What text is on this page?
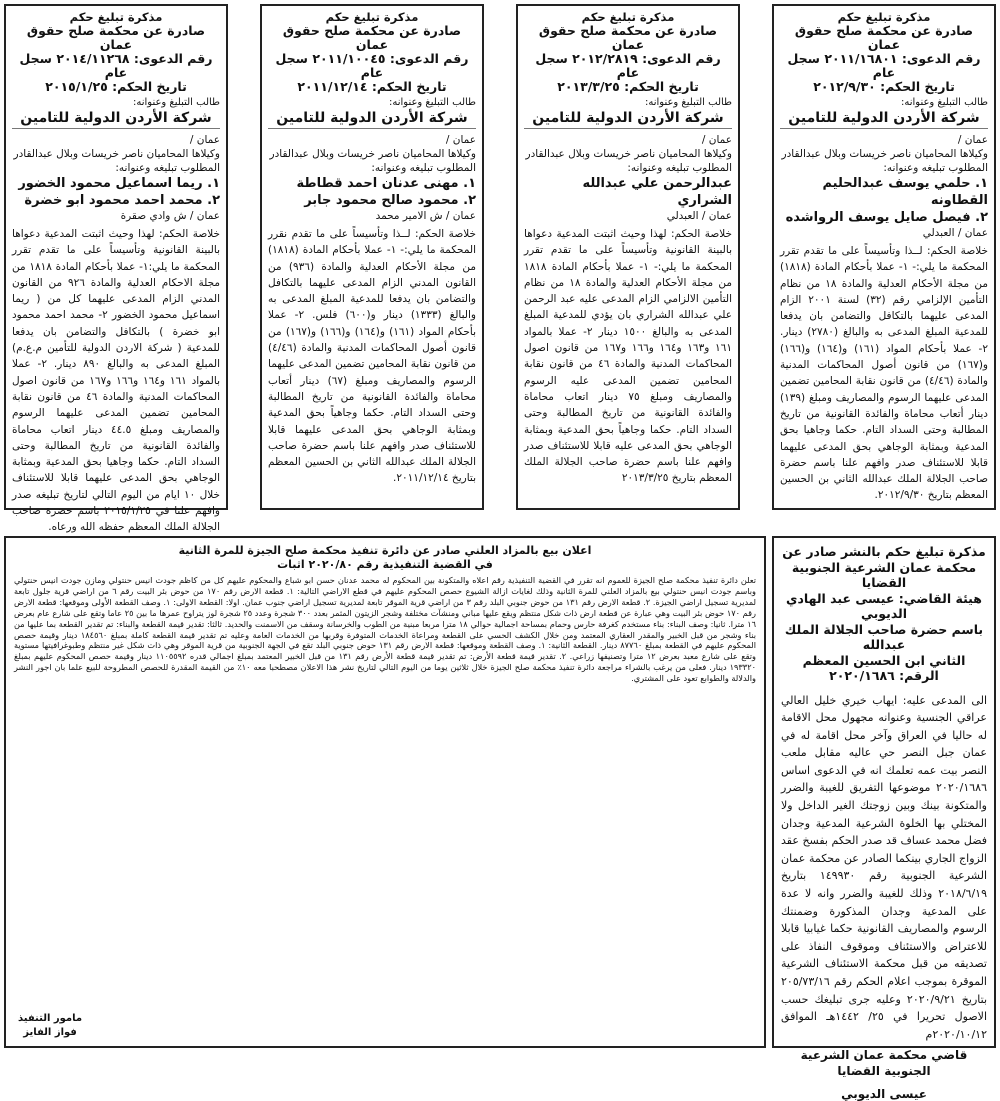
مذكرة تبليغ حكم

صادرة عن محكمة صلح حقوق عمان

رقم الدعوى: ٢٠١١/١٦٨٠١ سجل عام

تاريخ الحكم: ٢٠١٢/٩/٣٠

طالب التبليغ وعنوانه:

شركة الأردن الدولية للتامين

عمان /

وكيلاها المحاميان ناصر خريسات وبلال عبدالقادر

المطلوب تبليغه وعنوانه:

١. حلمي يوسف عبدالحليم القطاونه

٢. فيصل صايل يوسف الرواشده

عمان / العبدلي

خلاصة الحكم: لــذا وتأسيساً على ما تقدم تقرر المحكمة ما يلي:- ١- عملا بأحكام المادة (١٨١٨) من مجلة الأحكام العدلية والمادة ١٨ من نظام التأمين الإلزامي رقم (٣٢) لسنة ٢٠٠١ الزام المدعى عليهما بالتكافل والتضامن بان يدفعا للمدعية المبلغ المدعى به والبالغ (٢٧٨٠) دينار. ٢- عملا بأحكام المواد (١٦١) و(١٦٤) و(١٦٦) و(١٦٧) من قانون أصول المحاكمات المدنية والمادة (٤/٤٦) من قانون نقابة المحامين تضمين المدعى عليهما الرسوم والمصاريف ومبلغ (١٣٩) دينار أتعاب محاماة والفائدة القانونية من تاريخ المطالبة وحتى السداد التام. حكما وجاهيا بحق المدعية وبمثابة الوجاهي بحق المدعى عليهما قابلا للاستئناف صدر وافهم علنا باسم حضرة صاحب الجلالة الملك عبدالله الثاني بن الحسين المعظم بتاريخ ٢٠١٢/٩/٣٠.

مذكرة تبليغ حكم

صادرة عن محكمة صلح حقوق عمان

رقم الدعوى: ٢٠١٢/٢٨١٩ سجل عام

تاريخ الحكم: ٢٠١٣/٣/٢٥

طالب التبليغ وعنوانه:

شركة الأردن الدولية للتامين

عمان /

وكيلاها المحاميان ناصر خريسات وبلال عبدالقادر

المطلوب تبليغه وعنوانه:

عبدالرحمن علي عبدالله الشراري

عمان / العبدلي

خلاصة الحكم: لهذا وحيث اثبتت المدعية دعواها بالبينة القانونية وتأسيساً على ما تقدم تقرر المحكمة ما يلي:- ١- عملا بأحكام المادة ١٨١٨ من مجلة الأحكام العدلية والمادة ١٨ من نظام التأمين الالزامي الزام المدعى عليه عبد الرحمن علي عبدالله الشراري بان يؤدي للمدعية المبلغ المدعى به والبالغ ١٥٠٠ دينار ٢- عملا بالمواد ١٦١ و١٦٣ و١٦٤ و١٦٦ و١٦٧ من قانون اصول المحاكمات المدنية والمادة ٤٦ من قانون نقابة المحامين تضمين المدعى عليه الرسوم والمصاريف ومبلغ ٧٥ دينار اتعاب محاماة والفائدة القانونية من تاريخ المطالبة وحتى السداد التام. حكما وجاهياً بحق المدعية وبمثابة الوجاهي بحق المدعى عليه قابلا للاستئناف صدر وافهم علنا باسم حضرة صاحب الجلالة الملك المعظم بتاريخ ٢٠١٣/٣/٢٥

مذكرة تبليغ حكم

صادرة عن محكمة صلح حقوق عمان

رقم الدعوى: ٢٠١١/١٠٠٤٥ سجل عام

تاريخ الحكم: ٢٠١١/١٢/١٤

طالب التبليغ وعنوانه:

شركة الأردن الدولية للتامين

عمان /

وكيلاها المحاميان ناصر خريسات وبلال عبدالقادر

المطلوب تبليغه وعنوانه:

١. مهنى عدنان احمد قطاطة

٢. محمود صالح محمود جابر

عمان / ش الامير محمد

خلاصة الحكم: لــذا وتأسيساً على ما تقدم نقرر المحكمة ما يلي:- ١- عملا بأحكام المادة (١٨١٨) من مجلة الأحكام العدلية والمادة (٩٣٦) من القانون المدني الزام المدعى عليهما بالتكافل والتضامن بان يدفعا للمدعية المبلغ المدعى به والبالغ (١٣٣٣) دينار و(٦٠٠) فلس. ٢- عملا بأحكام المواد (١٦١) و(١٦٤) و(١٦٦) و(١٦٧) من قانون أصول المحاكمات المدنية والمادة (٤/٤٦) من قانون نقابة المحامين تضمين المدعى عليهما الرسوم والمصاريف ومبلغ (٦٧) دينار أتعاب محاماة والفائدة القانونية من تاريخ المطالبة وحتى السداد التام. حكما وجاهياً بحق المدعية وبمثابة الوجاهي بحق المدعى عليهما قابلا للاستئناف صدر وافهم علنا باسم حضرة صاحب الجلالة الملك عبدالله الثاني بن الحسين المعظم بتاريخ ٢٠١١/١٢/١٤.

مذكرة تبليغ حكم

صادرة عن محكمة صلح حقوق عمان

رقم الدعوى: ٢٠١٤/١١٢٦٨ سجل عام

تاريخ الحكم: ٢٠١٥/١/٢٥

طالب التبليغ وعنوانه:

شركة الأردن الدولية للتامين

عمان /

وكيلاها المحاميان ناصر خريسات وبلال عبدالقادر

المطلوب تبليغه وعنوانه:

١. ريما اسماعيل محمود الخضور

٢. محمد احمد محمود ابو خضرة

عمان / ش وادي صقرة

خلاصة الحكم: لهذا وحيث اثبتت المدعية دعواها بالبينة القانونية وتأسيساً على ما تقدم تقرر المحكمة ما يلي:١- عملا بأحكام المادة ١٨١٨ من مجلة الاحكام العدلية والمادة ٩٢٦ من القانون المدني الزام المدعى عليهما كل من ( ريما اسماعيل محمود الخضور ٢- محمد احمد محمود ابو خضرة ) بالتكافل والتضامن بان يدفعا للمدعية ( شركة الاردن الدولية للتأمين م.ع.م) المبلغ المدعى به والبالغ ٨٩٠ دينار. ٢- عملا بالمواد ١٦١ و١٦٤ و١٦٦ و١٦٧ من قانون اصول المحاكمات المدنية والمادة ٤٦ من قانون نقابة المحامين تضمين المدعى عليهما الرسوم والمصاريف ومبلغ ٤٤.٥ دينار اتعاب محاماة والفائدة القانونية من تاريخ المطالبة وحتى السداد التام. حكما وجاهيا بحق المدعية وبمثابة الوجاهي بحق المدعى عليهما قابلا للاستئناف خلال ١٠ ايام من اليوم التالي لتاريخ تبليغه صدر وافهم علنا في ٢٠١٥/١/٢٥ باسم حضرة صاحب الجلالة الملك المعظم حفظه الله ورعاه.

مذكرة تبليغ حكم بالنشر صادر عن

محكمة عمان الشرعية الجنوبية القضايا

هيئة القاضي: عيسى عبد الهادي الديوبي

باسم حضرة صاحب الجلالة الملك عبدالله

الثاني ابن الحسين المعظم

الرقم: ٢٠٢٠/١٦٨٦

الى المدعى عليه: ايهاب خيري خليل العالي عراقي الجنسية وعنوانه مجهول محل الاقامة له حاليا في العراق وآخر محل اقامة له في عمان جبل النصر حي عاليه مقابل ملعب النصر بيت عمه تعلمك انه في الدعوى اساس ٢٠٢٠/١٦٨٦ موضوعها التفريق للغيبة والضرر والمتكونة بينك وبين زوجتك الغير الداخل ولا المختلي بها الخلوة الشرعية المدعية وجدان فضل محمد عساف قد صدر الحكم بفسخ عقد الزواج الجاري بينكما الصادر عن محكمة عمان الشرعية الجنوبية رقم ١٤٩٩٣٠ بتاريخ ٢٠١٨/٦/١٩ وذلك للغيبة والضرر وانه لا عدة على المدعية وجدان المذكورة وضمنتك الرسوم والمصاريف القانونية حكما غيابيا قابلا للاعتراض والاستئناف وموقوف النفاذ على تصديقه من قبل محكمة الاستئناف الشرعية الموقرة بموجب اعلام الحكم رقم ٢٠٥/٧٣/١٦ بتاريخ ٢٠٢٠/٩/٢١ وعليه جرى تبليغك حسب الاصول تحريرا في ٢٥/ ١٤٤٢هـ الموافق ٢٠٢٠/١٠/١٢م

قاضي محكمة عمان الشرعية الجنوبية القضايا

عيسى الديوبي

اعلان بيع بالمزاد العلني صادر عن دائرة تنفيذ محكمة صلح الجيزة للمرة الثانية

في القضية التنفيذية رقم ٢٠٢٠/٨٠ اثبات

تعلن دائرة تنفيذ محكمة صلح الجيزة للعموم انه تقرر في القضية التنفيذية رقم اعلاه والمتكونة بين المحكوم له محمد عدنان حسن ابو شباع والمحكوم عليهم كل من كاظم جودت انيس حنتولي ومازن جودت انيس حنتولي وباسم جودت انيس حنتولي بيع بالمزاد العلني للمرة الثانية وذلك لغايات ازالة الشيوع حصص المحكوم عليهم في قطع الاراضي التالية: ١. قطعة الارض رقم ١٧٠ من حوض بئر البيت رقم ٦ من اراضي قرية جلول تابعة لمديرية تسجيل اراضي الجيزة. ٢. قطعة الارض رقم ١٣١ من حوض جنوبي البلد رقم ٣ من اراضي قرية الموقر تابعة لمديرية تسجيل اراضي جنوب عمان. اولا: القطعة الاولى: ١. وصف القطعة الأولى وموقعها: قطعة الارض رقم ١٧٠ حوض بئر البيت وهي عبارة عن قطعة ارض ذات شكل منتظم ويقع عليها مباني ومنشآت مختلفة وشجر الزيتون المثمر بعدد ٣٠٠ شجرة وعدد ٢٥ شجرة لوز يتراوح عمرها ما بين ٢٥ عاما وتقع على شارع عام بعرض ١٦ مترا. ثانيا: وصف البناء: بناء مستخدم كغرفة حارس وحمام بمساحة اجمالية حوالي ١٨ مترا مربعا مبنية من الطوب والخرسانة وسقف من الاسمنت والحديد. ثالثا: تقدير قيمة القطعة والبناء: تم تقدير القطعة بما عليها من بناء وشجر من قبل الخبير والمقدر العقاري المعتمد ومن خلال الكشف الحسي على القطعة ومراعاة الخدمات المتوفرة وقربها من الخدمات العامة وعليه تم تقدير قيمة القطعة كاملة بمبلغ ١٨٤٥٦٠ دينار وقيمة حصص المحكوم عليهم في القطعة بمبلغ ٨٧٧٦٠ دينار. القطعة الثانية: ١. وصف القطعة وموقعها: قطعة الارض رقم ١٣١ حوض جنوبي البلد تقع في الجهة الجنوبية من قرية الموقر وهي ذات شكل غير منتظم وطبوغرافيتها مستوية وتقع على شارع معبد بعرض ١٢ مترا وتصنيفها زراعي. ٢. تقدير قيمة قطعة الأرض: تم تقدير قيمة قطعة الأرض رقم ١٣١ من قبل الخبير المعتمد بمبلغ اجمالي قدره ١١٠٥٥٩٢ دينار وقيمة حصص المحكوم عليهم بمبلغ ١٩٣٣٢٠ دينار. فعلى من يرغب بالشراء مراجعة دائرة تنفيذ محكمة صلح الجيزة خلال ثلاثين يوما من اليوم التالي لتاريخ نشر هذا الاعلان مصطحبا معه ١٠٪ من القيمة المقدرة للحصص المطروحة للبيع علما بان اجور النشر والدلالة والطوابع تعود على المشتري.

مامور التنفيذ
فواز الفايز
